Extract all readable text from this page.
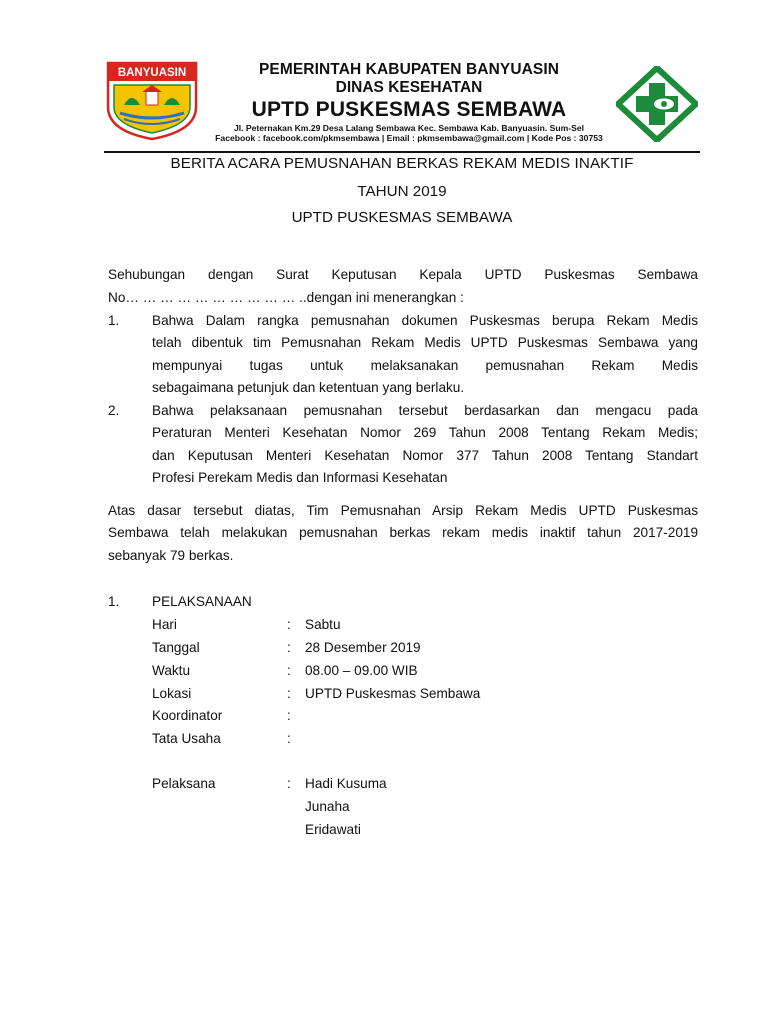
BANYUASIN	PEMERINTAH KABUPATEN BANYUASIN
DINAS KESEHATAN
UPTD PUSKESMAS SEMBAWA
Jl. Peternakan Km.29 Desa Lalang Sembawa Kec. Sembawa Kab. Banyuasin. Sum-Sel
Facebook : facebook.com/pkmsembawa | Email : pkmsembawa@gmail.com | Kode Pos : 30753
BERITA ACARA PEMUSNAHAN BERKAS REKAM MEDIS INAKTIF
TAHUN 2019
UPTD PUSKESMAS SEMBAWA
Sehubungan dengan Surat Keputusan Kepala UPTD Puskesmas Sembawa
No… … … … … … … … … … ..dengan ini menerangkan :
1. Bahwa Dalam rangka pemusnahan dokumen Puskesmas berupa Rekam Medis
telah dibentuk tim Pemusnahan Rekam Medis UPTD Puskesmas Sembawa yang
mempunyai tugas untuk melaksanakan pemusnahan Rekam Medis
sebagaimana petunjuk dan ketentuan yang berlaku.
2. Bahwa pelaksanaan pemusnahan tersebut berdasarkan dan mengacu pada
Peraturan Menteri Kesehatan Nomor 269 Tahun 2008 Tentang Rekam Medis;
dan Keputusan Menteri Kesehatan Nomor 377 Tahun 2008 Tentang Standart
Profesi Perekam Medis dan Informasi Kesehatan
Atas dasar tersebut diatas, Tim Pemusnahan Arsip Rekam Medis UPTD Puskesmas
Sembawa telah melakukan pemusnahan berkas rekam medis inaktif tahun 2017-2019
sebanyak 79 berkas.
1. PELAKSANAAN
Hari	: Sabtu
Tanggal	: 28 Desember 2019
Waktu	: 08.00 – 09.00 WIB
Lokasi	: UPTD Puskesmas Sembawa
Koordinator	:
Tata Usaha	:
Pelaksana	: Hadi Kusuma
Junaha
Eridawati
